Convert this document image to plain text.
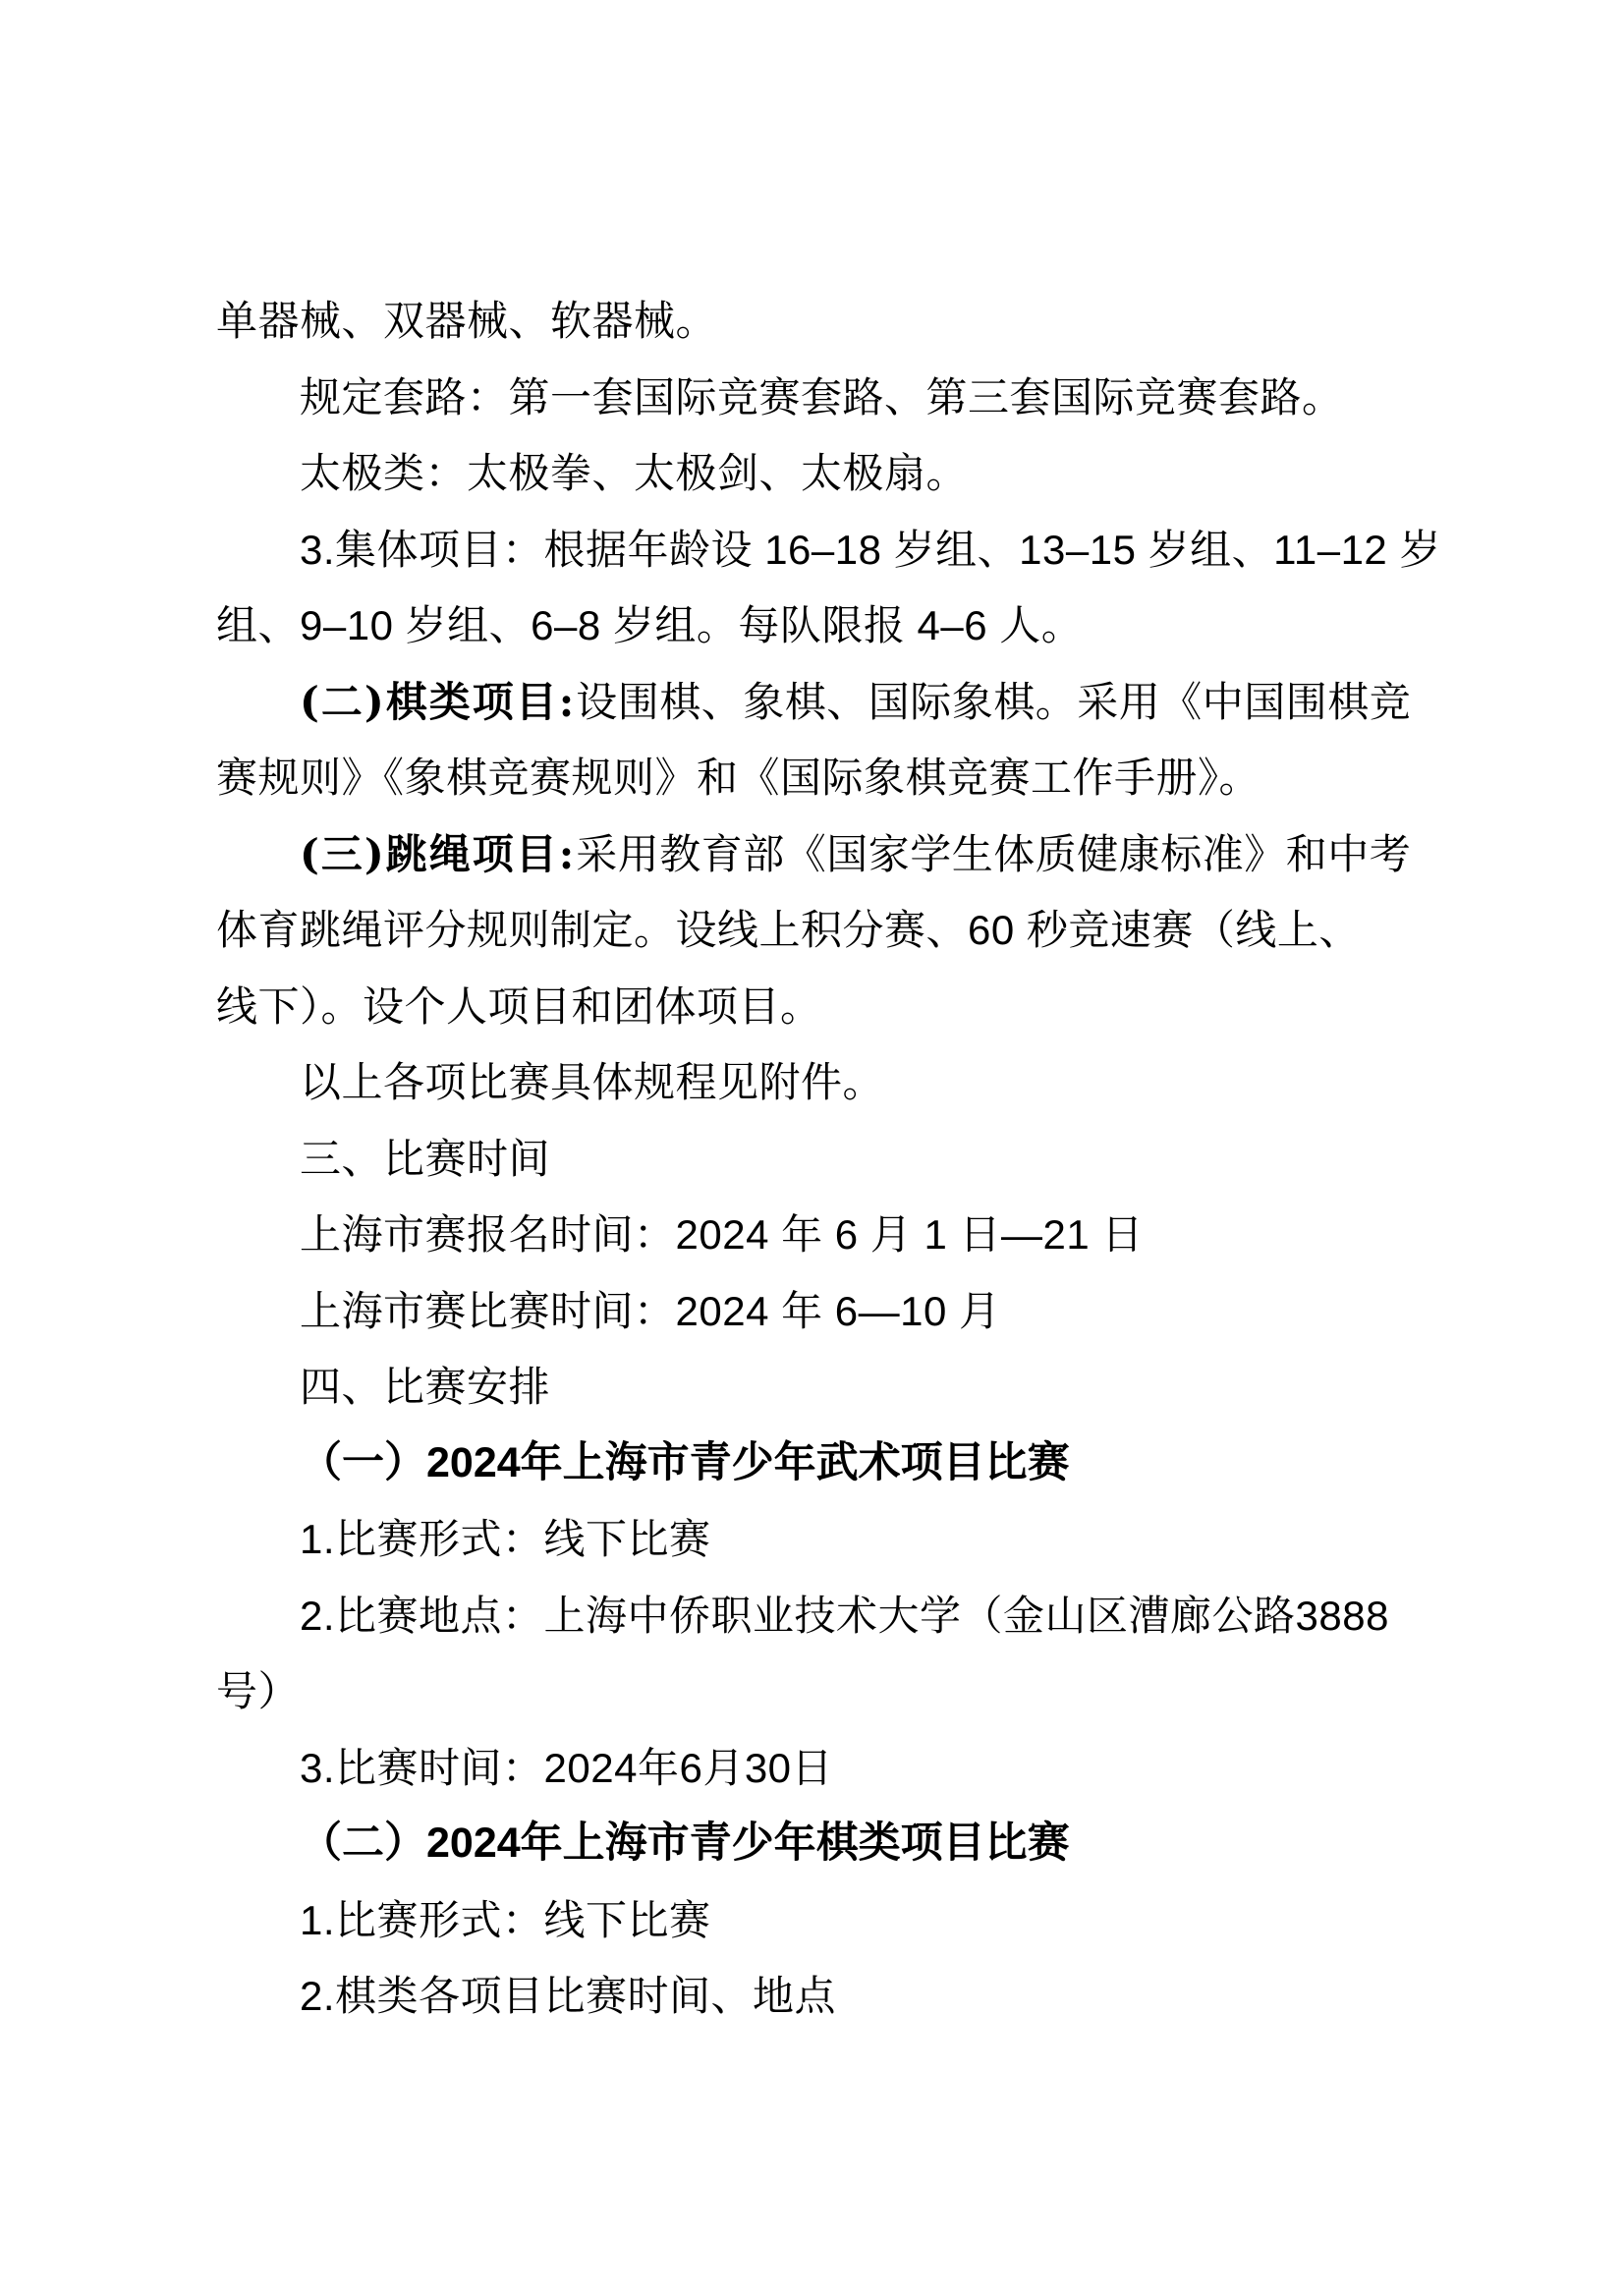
单器械、双器械、软器械。
规定套路：第一套国际竞赛套路、第三套国际竞赛套路。
太极类：太极拳、太极剑、太极扇。
3.集体项目：根据年龄设 16–18 岁组、13–15 岁组、11–12 岁
组、9–10 岁组、6–8 岁组。每队限报 4–6 人。
(二)棋类项目:设围棋、象棋、国际象棋。采用《中国围棋竞
赛规则》《象棋竞赛规则》和《国际象棋竞赛工作手册》。
(三)跳绳项目:采用教育部《国家学生体质健康标准》和中考
体育跳绳评分规则制定。设线上积分赛、60 秒竞速赛（线上、
线下）。设个人项目和团体项目。
以上各项比赛具体规程见附件。
三、比赛时间
上海市赛报名时间：2024 年 6 月 1 日—21 日
上海市赛比赛时间：2024 年 6—10 月
四、比赛安排
（一）2024年上海市青少年武术项目比赛
1.比赛形式：线下比赛
2.比赛地点：上海中侨职业技术大学（金山区漕廊公路3888
号）
3.比赛时间：2024年6月30日
（二）2024年上海市青少年棋类项目比赛
1.比赛形式：线下比赛
2.棋类各项目比赛时间、地点
